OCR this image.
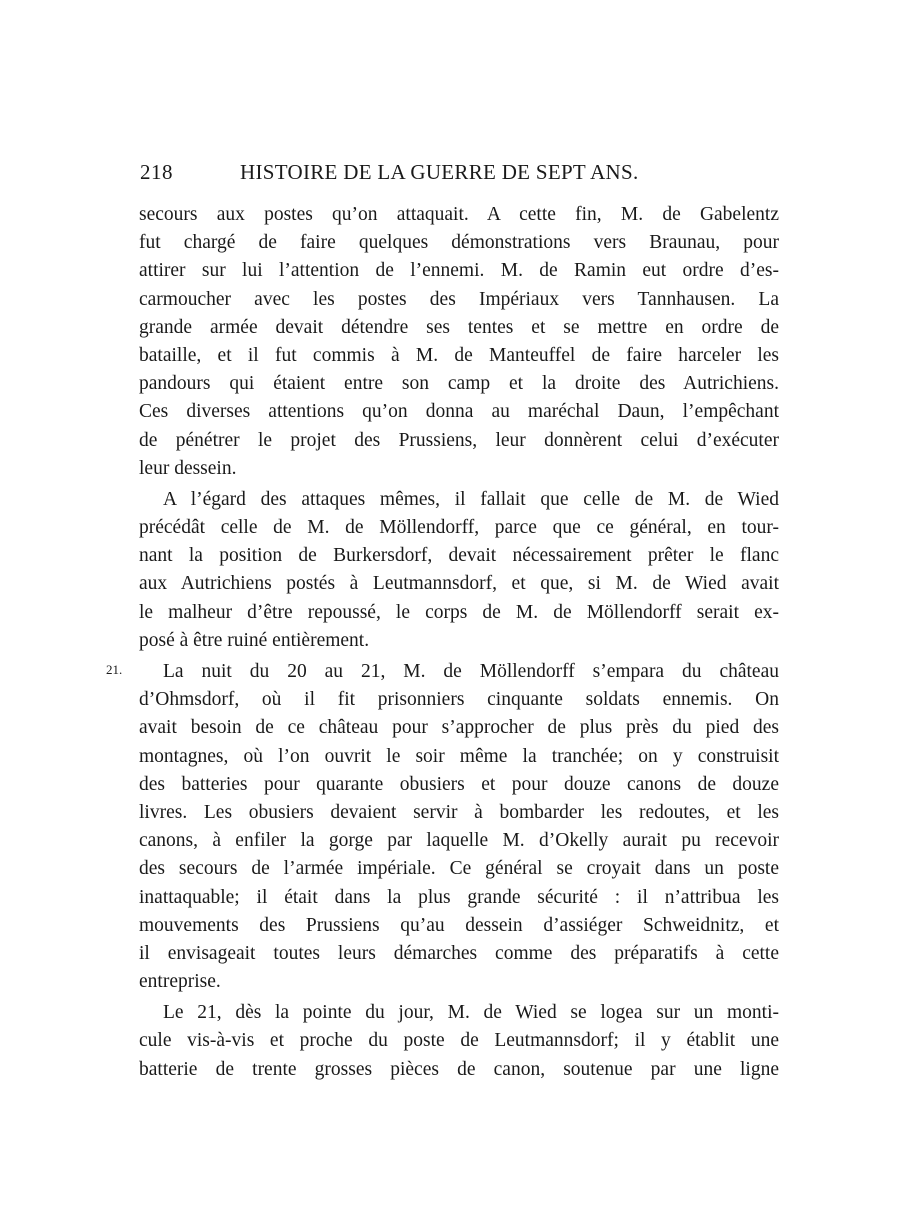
218	HISTOIRE DE LA GUERRE DE SEPT ANS.
secours aux postes qu’on attaquait. A cette fin, M. de Gabelentz
fut chargé de faire quelques démonstrations vers Braunau, pour
attirer sur lui l’attention de l’ennemi. M. de Ramin eut ordre d’es-
carmoucher avec les postes des Impériaux vers Tannhausen. La
grande armée devait détendre ses tentes et se mettre en ordre de
bataille, et il fut commis à M. de Manteuffel de faire harceler les
pandours qui étaient entre son camp et la droite des Autrichiens.
Ces diverses attentions qu’on donna au maréchal Daun, l’empêchant
de pénétrer le projet des Prussiens, leur donnèrent celui d’exécuter
leur dessein.
A l’égard des attaques mêmes, il fallait que celle de M. de Wied
précédât celle de M. de Möllendorff, parce que ce général, en tour-
nant la position de Burkersdorf, devait nécessairement prêter le flanc
aux Autrichiens postés à Leutmannsdorf, et que, si M. de Wied avait
le malheur d’être repoussé, le corps de M. de Möllendorff serait ex-
posé à être ruiné entièrement.
21.	La nuit du 20 au 21, M. de Möllendorff s’empara du château
d’Ohmsdorf, où il fit prisonniers cinquante soldats ennemis. On
avait besoin de ce château pour s’approcher de plus près du pied des
montagnes, où l’on ouvrit le soir même la tranchée; on y construisit
des batteries pour quarante obusiers et pour douze canons de douze
livres. Les obusiers devaient servir à bombarder les redoutes, et les
canons, à enfiler la gorge par laquelle M. d’Okelly aurait pu recevoir
des secours de l’armée impériale. Ce général se croyait dans un poste
inattaquable; il était dans la plus grande sécurité : il n’attribua les
mouvements des Prussiens qu’au dessein d’assiéger Schweidnitz, et
il envisageait toutes leurs démarches comme des préparatifs à cette
entreprise.
Le 21, dès la pointe du jour, M. de Wied se logea sur un monti-
cule vis-à-vis et proche du poste de Leutmannsdorf; il y établit une
batterie de trente grosses pièces de canon, soutenue par une ligne
